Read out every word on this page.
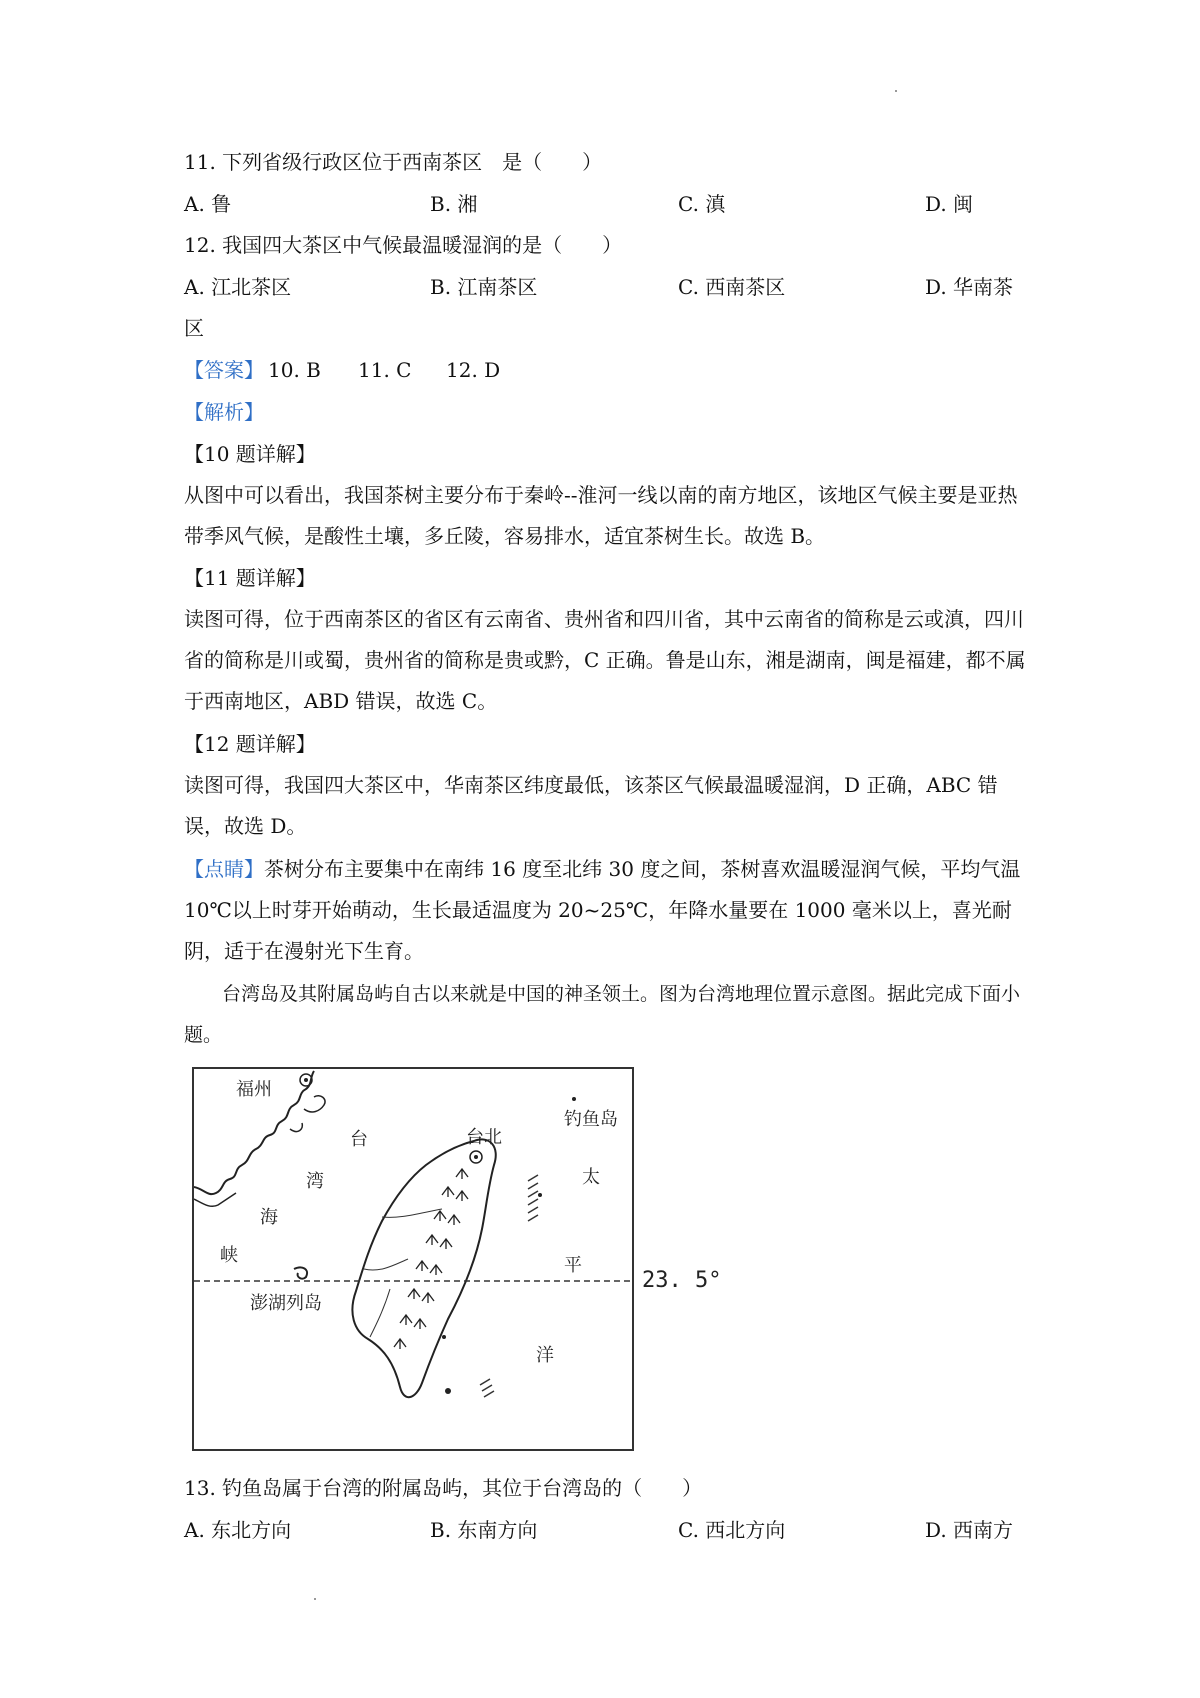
11. 下列省级行政区位于西南茶区　是（　　）
A. 鲁	B. 湘	C. 滇	D. 闽
12. 我国四大茶区中气候最温暖湿润的是（　　）
A. 江北茶区	B. 江南茶区	C. 西南茶区	D. 华南茶
区
【答案】 10. B 11. C 12. D
【解析】
【10 题详解】
从图中可以看出，我国茶树主要分布于秦岭--淮河一线以南的南方地区，该地区气候主要是亚热带季风气候，是酸性土壤，多丘陵，容易排水，适宜茶树生长。故选 B。
【11 题详解】
读图可得，位于西南茶区的省区有云南省、贵州省和四川省，其中云南省的简称是云或滇，四川省的简称是川或蜀，贵州省的简称是贵或黔，C 正确。鲁是山东，湘是湖南，闽是福建，都不属于西南地区，ABD 错误，故选 C。
【12 题详解】
读图可得，我国四大茶区中，华南茶区纬度最低，该茶区气候最温暖湿润，D 正确，ABC 错误，故选 D。
【点睛】茶树分布主要集中在南纬 16 度至北纬 30 度之间，茶树喜欢温暖湿润气候，平均气温 10℃以上时芽开始萌动，生长最适温度为 20~25℃，年降水量要在 1000 毫米以上，喜光耐阴，适于在漫射光下生育。
台湾岛及其附属岛屿自古以来就是中国的神圣领土。图为台湾地理位置示意图。据此完成下面小题。
福州
台北
钓鱼岛
台
湾
海
峡
澎湖列岛
太
平
洋
23. 5°
13. 钓鱼岛属于台湾的附属岛屿，其位于台湾岛的（　　）
A. 东北方向	B. 东南方向	C. 西北方向	D. 西南方
